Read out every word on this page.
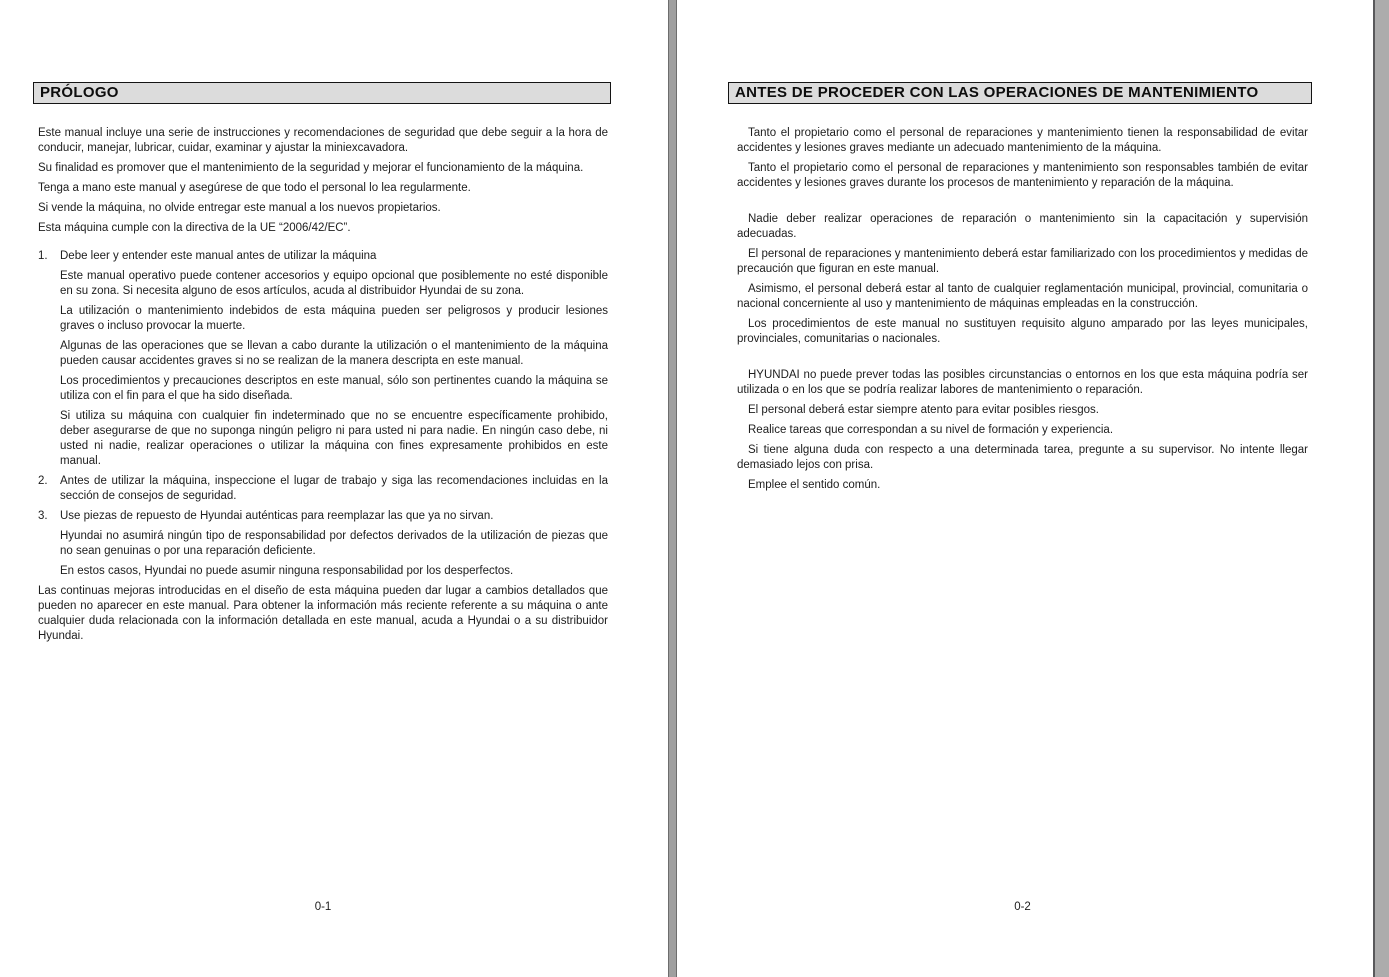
PRÓLOGO

Este manual incluye una serie de instrucciones y recomendaciones de seguridad que debe seguir a la hora de conducir, manejar, lubricar, cuidar, examinar y ajustar la miniexcavadora.

Su finalidad es promover que el mantenimiento de la seguridad y mejorar el funcionamiento de la máquina.

Tenga a mano este manual y asegúrese de que todo el personal lo lea regularmente.

Si vende la máquina, no olvide entregar este manual a los nuevos propietarios.

Esta máquina cumple con la directiva de la UE “2006/42/EC”.

1.	Debe leer y entender este manual antes de utilizar la máquina

Este manual operativo puede contener accesorios y equipo opcional que posiblemente no esté disponible en su zona. Si necesita alguno de esos artículos, acuda al distribuidor Hyundai de su zona.

La utilización o mantenimiento indebidos de esta máquina pueden ser peligrosos y producir lesiones graves o incluso provocar la muerte.

Algunas de las operaciones que se llevan a cabo durante la utilización o el mantenimiento de la máquina pueden causar accidentes graves si no se realizan de la manera descripta en este manual.

Los procedimientos y precauciones descriptos en este manual, sólo son pertinentes cuando la máquina se utiliza con el fin para el que ha sido diseñada.

Si utiliza su máquina con cualquier fin indeterminado que no se encuentre específicamente prohibido, deber asegurarse de que no suponga ningún peligro ni para usted ni para nadie. En ningún caso debe, ni usted ni nadie, realizar operaciones o utilizar la máquina con fines expresamente prohibidos en este manual.

2.	Antes de utilizar la máquina, inspeccione el lugar de trabajo y siga las recomendaciones incluidas en la sección de consejos de seguridad.

3.	Use piezas de repuesto de Hyundai auténticas para reemplazar las que ya no sirvan.

Hyundai no asumirá ningún tipo de responsabilidad por defectos derivados de la utilización de piezas que no sean genuinas o por una reparación deficiente.

En estos casos, Hyundai no puede asumir ninguna responsabilidad por los desperfectos.

Las continuas mejoras introducidas en el diseño de esta máquina pueden dar lugar a cambios detallados que pueden no aparecer en este manual. Para obtener la información más reciente referente a su máquina o ante cualquier duda relacionada con la información detallada en este manual, acuda a Hyundai o a su distribuidor Hyundai.

0-1
ANTES DE PROCEDER CON LAS OPERACIONES DE MANTENIMIENTO

Tanto el propietario como el personal de reparaciones y mantenimiento tienen la responsabilidad de evitar accidentes y lesiones graves mediante un adecuado mantenimiento de la máquina.

Tanto el propietario como el personal de reparaciones y mantenimiento son responsables también de evitar accidentes y lesiones graves durante los procesos de mantenimiento y reparación de la máquina.

Nadie deber realizar operaciones de reparación o mantenimiento sin la capacitación y supervisión adecuadas.

El personal de reparaciones y mantenimiento deberá estar familiarizado con los procedimientos y medidas de precaución que figuran en este manual.

Asimismo, el personal deberá estar al tanto de cualquier reglamentación municipal, provincial, comunitaria o nacional concerniente al uso y mantenimiento de máquinas empleadas en la construcción.

Los procedimientos de este manual no sustituyen requisito alguno amparado por las leyes municipales, provinciales, comunitarias o nacionales.

HYUNDAI no puede prever todas las posibles circunstancias o entornos en los que esta máquina podría ser utilizada o en los que se podría realizar labores de mantenimiento o reparación.

El personal deberá estar siempre atento para evitar posibles riesgos.

Realice tareas que correspondan a su nivel de formación y experiencia.

Si tiene alguna duda con respecto a una determinada tarea, pregunte a su supervisor. No intente llegar demasiado lejos con prisa.

Emplee el sentido común.

0-2
